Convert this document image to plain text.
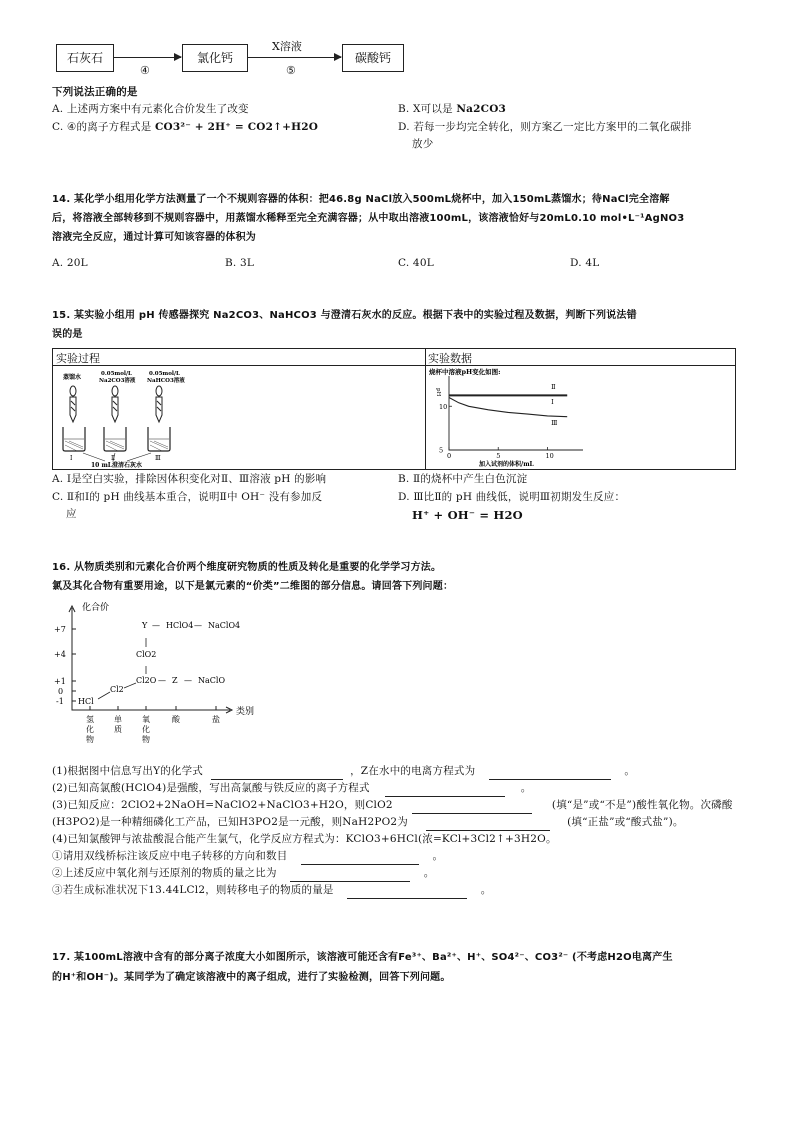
石灰石
④
氯化钙
X溶液
⑤
碳酸钙
下列说法正确的是
A. 上述两方案中有元素化合价发生了改变	B. X可以是 Na2CO3
C. ④的离子方程式是 CO3²⁻ + 2H⁺ = CO2↑+H2O	D. 若每一步均完全转化，则方案乙一定比方案甲的二氧化碳排
放少
14. 某化学小组用化学方法测量了一个不规则容器的体积：把46.8g NaCl放入500mL烧杯中，加入150mL蒸馏水；待NaCl完全溶解
后，将溶液全部转移到不规则容器中，用蒸馏水稀释至完全充满容器；从中取出溶液100mL，该溶液恰好与20mL0.10 mol•L⁻¹AgNO3
溶液完全反应，通过计算可知该容器的体积为
A. 20L	B. 3L	C. 40L	D. 4L
15. 某实验小组用 pH 传感器探究 Na2CO3、NaHCO3 与澄清石灰水的反应。根据下表中的实验过程及数据，判断下列说法错
误的是
实验过程	实验数据
蒸馏水	0.05mol/L
Na2CO3溶液
0.05mol/L
NaHCO3溶液
Ⅰ	Ⅱ	Ⅲ
10 mL澄清石灰水
烧杯中溶液pH变化如图:
pH
5
10
0	5	10
加入试剂的体积/mL
Ⅱ
Ⅰ
Ⅲ
A. Ⅰ是空白实验，排除因体积变化对Ⅱ、Ⅲ溶液 pH 的影响	B. Ⅱ的烧杯中产生白色沉淀
C. Ⅱ和Ⅰ的 pH 曲线基本重合，说明Ⅱ中 OH⁻ 没有参加反
应
D. Ⅲ比Ⅱ的 pH 曲线低，说明Ⅲ初期发生反应：
H⁺ + OH⁻ = H2O
16. 从物质类别和元素化合价两个维度研究物质的性质及转化是重要的化学学习方法。
氯及其化合物有重要用途，以下是氯元素的“价类”二维图的部分信息。请回答下列问题：
化合价
+7
+4
+1
0
-1
类别
氢
化
物
单
质
氧
化
物
酸	盐
HCl
Cl2
Cl2O — Z — NaClO
ClO2
Y — HClO4 — NaClO4
(1)根据图中信息写出Y的化学式	，Z在水中的电离方程式为	。
(2)已知高氯酸(HClO4)是强酸，写出高氯酸与铁反应的离子方程式	。
(3)已知反应：2ClO2+2NaOH=NaClO2+NaClO3+H2O，则ClO2	(填“是”或“不是”)酸性氧化物。次磷酸
(H3PO2)是一种精细磷化工产品，已知H3PO2是一元酸，则NaH2PO2为	(填“正盐”或“酸式盐”)。
(4)已知氯酸钾与浓盐酸混合能产生氯气，化学反应方程式为：KClO3+6HCl(浓=KCl+3Cl2↑+3H2O。
①请用双线桥标注该反应中电子转移的方向和数目	。
②上述反应中氧化剂与还原剂的物质的量之比为	。
③若生成标准状况下13.44LCl2，则转移电子的物质的量是	。
17. 某100mL溶液中含有的部分离子浓度大小如图所示，该溶液可能还含有Fe³⁺、Ba²⁺、H⁺、SO4²⁻、CO3²⁻ (不考虑H2O电离产生
的H⁺和OH⁻)。某同学为了确定该溶液中的离子组成，进行了实验检测，回答下列问题。
